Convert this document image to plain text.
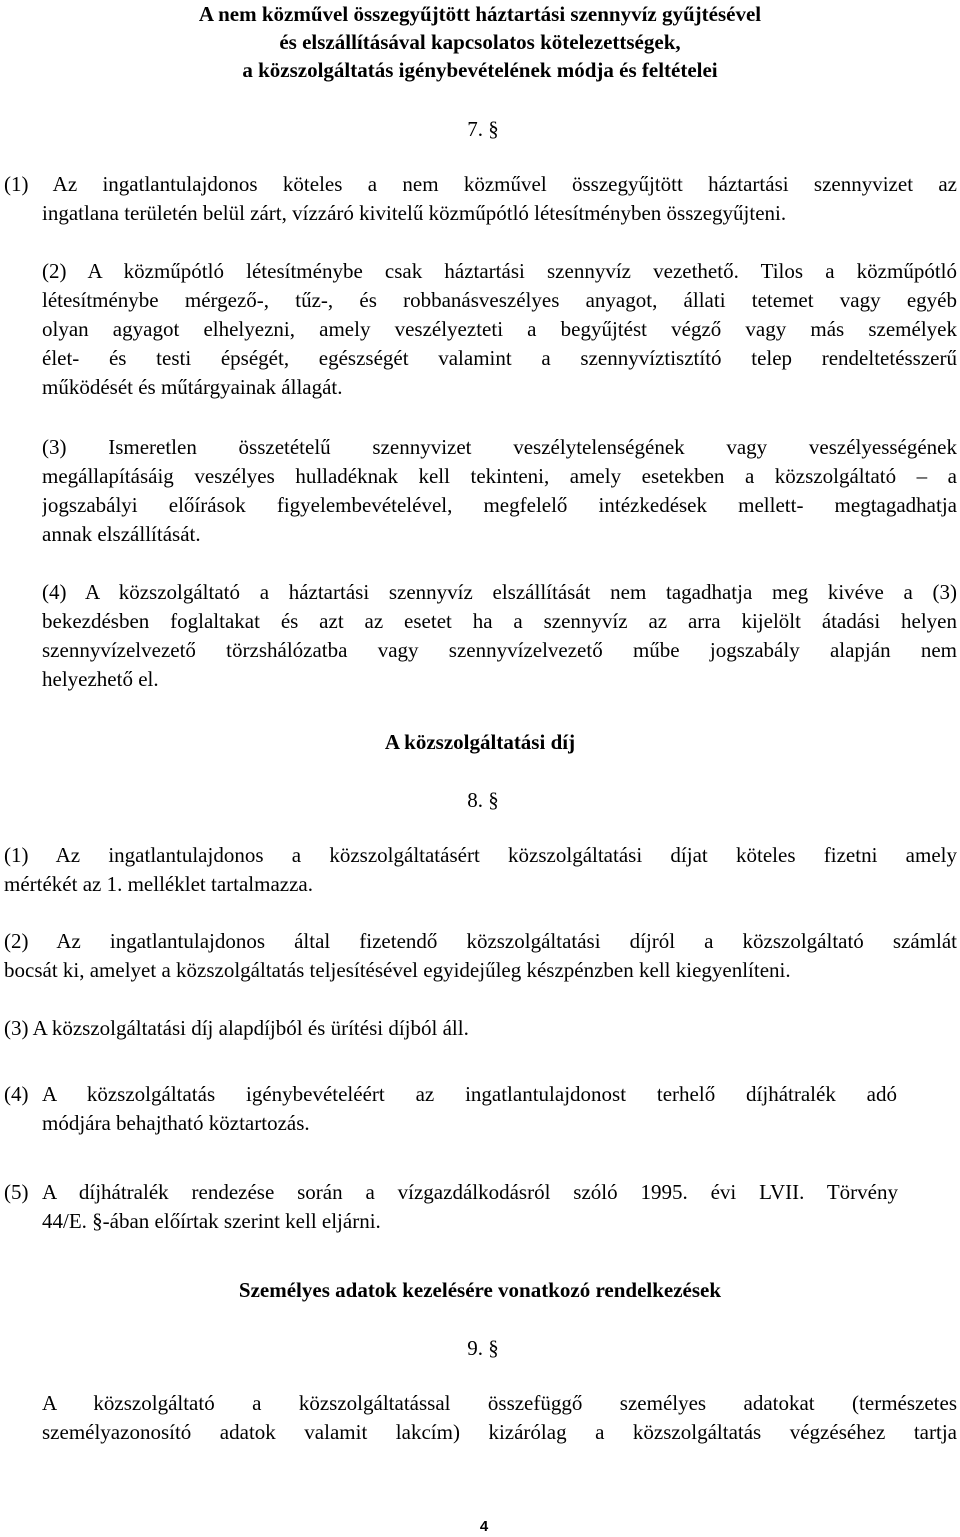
A nem közművel összegyűjtött háztartási szennyvíz gyűjtésével
és elszállításával kapcsolatos kötelezettségek,
a közszolgáltatás igénybevételének módja és feltételei
7. §
(1) Az ingatlantulajdonos köteles a nem közművel összegyűjtött háztartási szennyvizet az
ingatlana területén belül zárt, vízzáró kivitelű közműpótló létesítményben összegyűjteni.
(2) A közműpótló létesítménybe csak háztartási szennyvíz vezethető. Tilos a közműpótló
létesítménybe mérgező-, tűz-, és robbanásveszélyes anyagot, állati tetemet vagy egyéb
olyan agyagot elhelyezni, amely veszélyezteti a begyűjtést végző vagy más személyek
élet- és testi épségét, egészségét valamint a szennyvíztisztító telep rendeltetésszerű
működését és műtárgyainak állagát.
(3) Ismeretlen összetételű szennyvizet veszélytelenségének vagy veszélyességének
megállapításáig veszélyes hulladéknak kell tekinteni, amely esetekben a közszolgáltató – a
jogszabályi előírások figyelembevételével, megfelelő intézkedések mellett- megtagadhatja
annak elszállítását.
(4) A közszolgáltató a háztartási szennyvíz elszállítását nem tagadhatja meg kivéve a (3)
bekezdésben foglaltakat és azt az esetet ha a szennyvíz az arra kijelölt átadási helyen
szennyvízelvezető törzshálózatba vagy szennyvízelvezető műbe jogszabály alapján nem
helyezhető el.
A közszolgáltatási díj
8. §
(1) Az ingatlantulajdonos a közszolgáltatásért közszolgáltatási díjat köteles fizetni amely
mértékét az 1. melléklet tartalmazza.
(2) Az ingatlantulajdonos által fizetendő közszolgáltatási díjról a közszolgáltató számlát
bocsát ki, amelyet a közszolgáltatás teljesítésével egyidejűleg készpénzben kell kiegyenlíteni.
(3) A közszolgáltatási díj alapdíjból és ürítési díjból áll.
(4) A közszolgáltatás igénybevételéért az ingatlantulajdonost terhelő díjhátralék adó
módjára behajtható köztartozás.
(5) A díjhátralék rendezése során a vízgazdálkodásról szóló 1995. évi LVII. Törvény
44/E. §-ában előírtak szerint kell eljárni.
Személyes adatok kezelésére vonatkozó rendelkezések
9. §
A közszolgáltató a közszolgáltatással összefüggő személyes adatokat (természetes
személyazonosító adatok valamit lakcím) kizárólag a közszolgáltatás végzéséhez tartja
4
